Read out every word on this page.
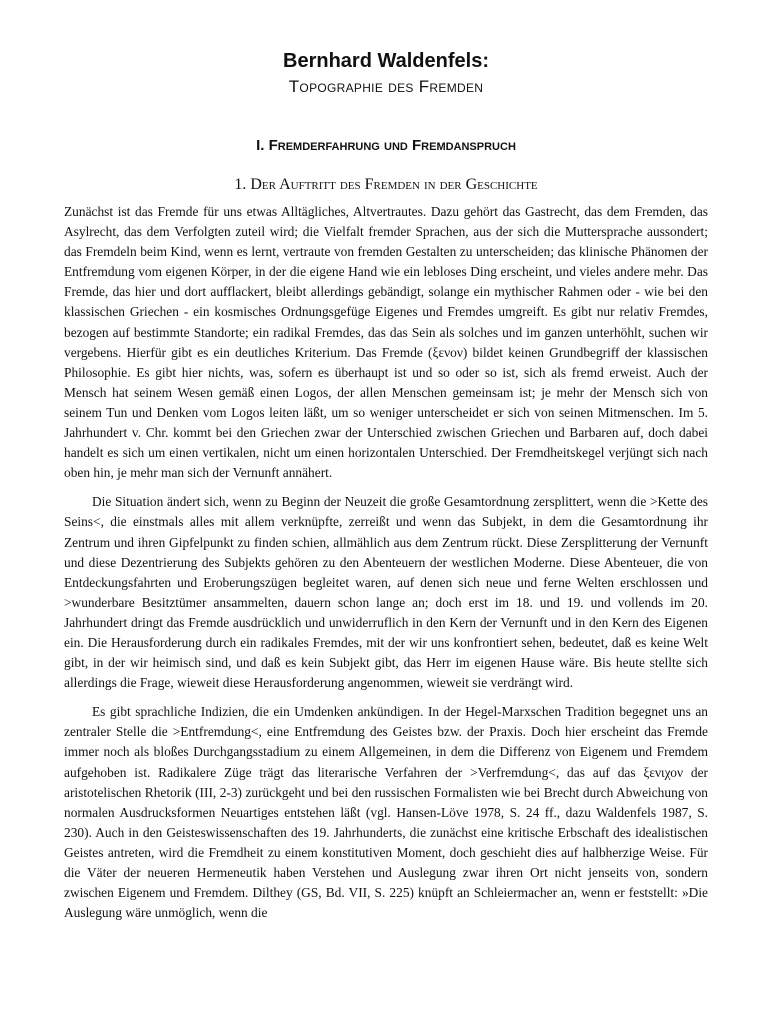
Bernhard Waldenfels:
Topographie des Fremden
I. Fremderfahrung und Fremdanspruch
1. Der Auftritt des Fremden in der Geschichte

Zunächst ist das Fremde für uns etwas Alltägliches, Altvertrautes. Dazu gehört das Gastrecht, das dem Fremden, das Asylrecht, das dem Verfolgten zuteil wird; die Vielfalt fremder Sprachen, aus der sich die Muttersprache aussondert; das Fremdeln beim Kind, wenn es lernt, vertraute von fremden Gestalten zu unterscheiden; das klinische Phänomen der Entfremdung vom eigenen Körper, in der die eigene Hand wie ein lebloses Ding erscheint, und vieles andere mehr. Das Fremde, das hier und dort aufflackert, bleibt allerdings gebändigt, solange ein mythischer Rahmen oder - wie bei den klassischen Griechen - ein kosmisches Ordnungsgefüge Eigenes und Fremdes umgreift. Es gibt nur relativ Fremdes, bezogen auf bestimmte Standorte; ein radikal Fremdes, das das Sein als solches und im ganzen unterhöhlt, suchen wir vergebens. Hierfür gibt es ein deutliches Kriterium. Das Fremde (ξενον) bildet keinen Grundbegriff der klassischen Philosophie. Es gibt hier nichts, was, sofern es überhaupt ist und so oder so ist, sich als fremd erweist. Auch der Mensch hat seinem Wesen gemäß einen Logos, der allen Menschen gemeinsam ist; je mehr der Mensch sich von seinem Tun und Denken vom Logos leiten läßt, um so weniger unterscheidet er sich von seinen Mitmenschen. Im 5. Jahrhundert v. Chr. kommt bei den Griechen zwar der Unterschied zwischen Griechen und Barbaren auf, doch dabei handelt es sich um einen vertikalen, nicht um einen horizontalen Unterschied. Der Fremdheitskegel verjüngt sich nach oben hin, je mehr man sich der Vernunft annähert.

Die Situation ändert sich, wenn zu Beginn der Neuzeit die große Gesamtordnung zersplittert, wenn die >Kette des Seins<, die einstmals alles mit allem verknüpfte, zerreißt und wenn das Subjekt, in dem die Gesamtordnung ihr Zentrum und ihren Gipfelpunkt zu finden schien, allmählich aus dem Zentrum rückt. Diese Zersplitterung der Vernunft und diese Dezentrierung des Subjekts gehören zu den Abenteuern der westlichen Moderne. Diese Abenteuer, die von Entdeckungsfahrten und Eroberungszügen begleitet waren, auf denen sich neue und ferne Welten erschlossen und >wunderbare Besitztümer ansammelten, dauern schon lange an; doch erst im 18. und 19. und vollends im 20. Jahrhundert dringt das Fremde ausdrücklich und unwiderruflich in den Kern der Vernunft und in den Kern des Eigenen ein. Die Herausforderung durch ein radikales Fremdes, mit der wir uns konfrontiert sehen, bedeutet, daß es keine Welt gibt, in der wir heimisch sind, und daß es kein Subjekt gibt, das Herr im eigenen Hause wäre. Bis heute stellte sich allerdings die Frage, wieweit diese Herausforderung angenommen, wieweit sie verdrängt wird.

Es gibt sprachliche Indizien, die ein Umdenken ankündigen. In der Hegel-Marxschen Tradition begegnet uns an zentraler Stelle die >Entfremdung<, eine Entfremdung des Geistes bzw. der Praxis. Doch hier erscheint das Fremde immer noch als bloßes Durchgangsstadium zu einem Allgemeinen, in dem die Differenz von Eigenem und Fremdem aufgehoben ist. Radikalere Züge trägt das literarische Verfahren der >Verfremdung<, das auf das ξενιχον der aristotelischen Rhetorik (III, 2-3) zurückgeht und bei den russischen Formalisten wie bei Brecht durch Abweichung von normalen Ausdrucksformen Neuartiges entstehen läßt (vgl. Hansen-Löve 1978, S. 24 ff., dazu Waldenfels 1987, S. 230). Auch in den Geisteswissenschaften des 19. Jahrhunderts, die zunächst eine kritische Erbschaft des idealistischen Geistes antreten, wird die Fremdheit zu einem konstitutiven Moment, doch geschieht dies auf halbherzige Weise. Für die Väter der neueren Hermeneutik haben Verstehen und Auslegung zwar ihren Ort nicht jenseits von, sondern zwischen Eigenem und Fremdem. Dilthey (GS, Bd. VII, S. 225) knüpft an Schleiermacher an, wenn er feststellt: »Die Auslegung wäre unmöglich, wenn die
